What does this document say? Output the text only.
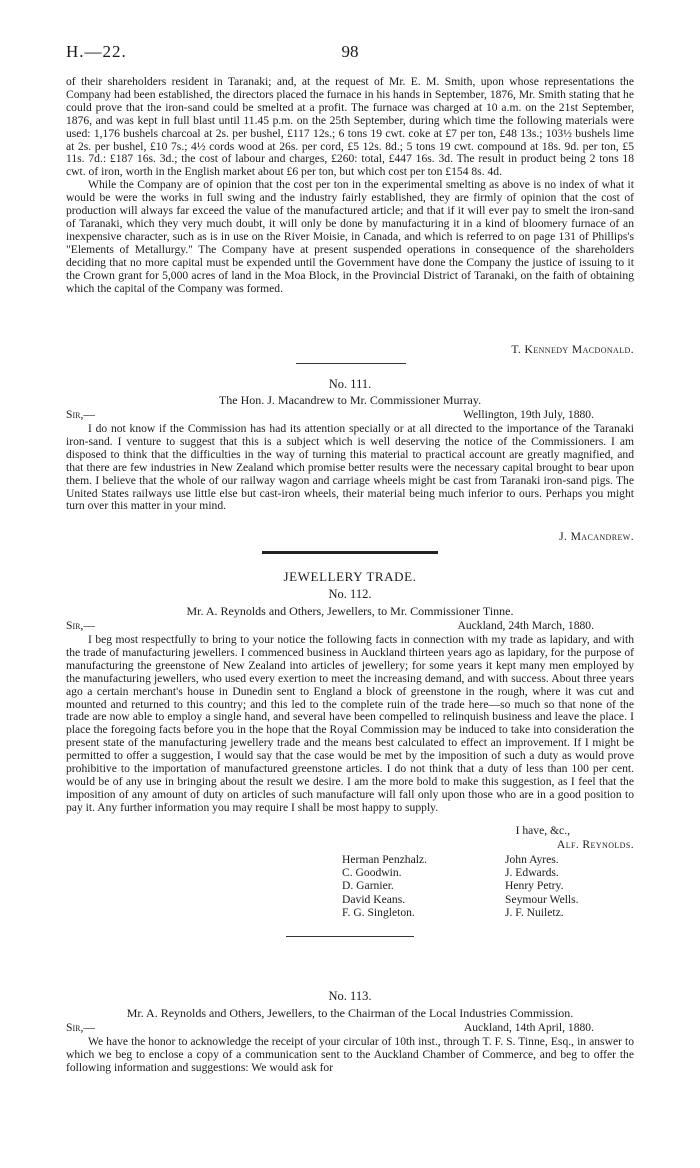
H.—22.	98

of their shareholders resident in Taranaki; and, at the request of Mr. E. M. Smith, upon whose representations the Company had been established, the directors placed the furnace in his hands in September, 1876, Mr. Smith stating that he could prove that the iron-sand could be smelted at a profit. The furnace was charged at 10 a.m. on the 21st September, 1876, and was kept in full blast until 11.45 p.m. on the 25th September, during which time the following materials were used: 1,176 bushels charcoal at 2s. per bushel, £117 12s.; 6 tons 19 cwt. coke at £7 per ton, £48 13s.; 103½ bushels lime at 2s. per bushel, £10 7s.; 4½ cords wood at 26s. per cord, £5 12s. 8d.; 5 tons 19 cwt. compound at 18s. 9d. per ton, £5 11s. 7d.: £187 16s. 3d.; the cost of labour and charges, £260: total, £447 16s. 3d. The result in product being 2 tons 18 cwt. of iron, worth in the English market about £6 per ton, but which cost per ton £154 8s. 4d.

While the Company are of opinion that the cost per ton in the experimental smelting as above is no index of what it would be were the works in full swing and the industry fairly established, they are firmly of opinion that the cost of production will always far exceed the value of the manufactured article; and that if it will ever pay to smelt the iron-sand of Taranaki, which they very much doubt, it will only be done by manufacturing it in a kind of bloomery furnace of an inexpensive character, such as is in use on the River Moisie, in Canada, and which is referred to on page 131 of Phillips's "Elements of Metallurgy." The Company have at present suspended operations in consequence of the shareholders deciding that no more capital must be expended until the Government have done the Company the justice of issuing to it the Crown grant for 5,000 acres of land in the Moa Block, in the Provincial District of Taranaki, on the faith of obtaining which the capital of the Company was formed.

T. Kennedy Macdonald.
No. 111.
The Hon. J. Macandrew to Mr. Commissioner Murray.
Sir,—	Wellington, 19th July, 1880.
I do not know if the Commission has had its attention specially or at all directed to the importance of the Taranaki iron-sand. I venture to suggest that this is a subject which is well deserving the notice of the Commissioners. I am disposed to think that the difficulties in the way of turning this material to practical account are greatly magnified, and that there are few industries in New Zealand which promise better results were the necessary capital brought to bear upon them. I believe that the whole of our railway wagon and carriage wheels might be cast from Taranaki iron-sand pigs. The United States railways use little else but cast-iron wheels, their material being much inferior to ours. Perhaps you might turn over this matter in your mind.
J. Macandrew.
JEWELLERY TRADE.
No. 112.
Mr. A. Reynolds and Others, Jewellers, to Mr. Commissioner Tinne.
Sir,—	Auckland, 24th March, 1880.
I beg most respectfully to bring to your notice the following facts in connection with my trade as lapidary, and with the trade of manufacturing jewellers. I commenced business in Auckland thirteen years ago as lapidary, for the purpose of manufacturing the greenstone of New Zealand into articles of jewellery; for some years it kept many men employed by the manufacturing jewellers, who used every exertion to meet the increasing demand, and with success. About three years ago a certain merchant's house in Dunedin sent to England a block of greenstone in the rough, where it was cut and mounted and returned to this country; and this led to the complete ruin of the trade here—so much so that none of the trade are now able to employ a single hand, and several have been compelled to relinquish business and leave the place. I place the foregoing facts before you in the hope that the Royal Commission may be induced to take into consideration the present state of the manufacturing jewellery trade and the means best calculated to effect an improvement. If I might be permitted to offer a suggestion, I would say that the case would be met by the imposition of such a duty as would prove prohibitive to the importation of manufactured greenstone articles. I do not think that a duty of less than 100 per cent. would be of any use in bringing about the result we desire. I am the more bold to make this suggestion, as I feel that the imposition of any amount of duty on articles of such manufacture will fall only upon those who are in a good position to pay it. Any further information you may require I shall be most happy to supply.
I have, &c.,
Alf. Reynolds.
Herman Penzhalz.
C. Goodwin.
D. Garnier.
David Keans.
F. G. Singleton.
John Ayres.
J. Edwards.
Henry Petry.
Seymour Wells.
J. F. Nuiletz.
No. 113.
Mr. A. Reynolds and Others, Jewellers, to the Chairman of the Local Industries Commission.
Sir,—	Auckland, 14th April, 1880.
We have the honor to acknowledge the receipt of your circular of 10th inst., through T. F. S. Tinne, Esq., in answer to which we beg to enclose a copy of a communication sent to the Auckland Chamber of Commerce, and beg to offer the following information and suggestions: We would ask for
